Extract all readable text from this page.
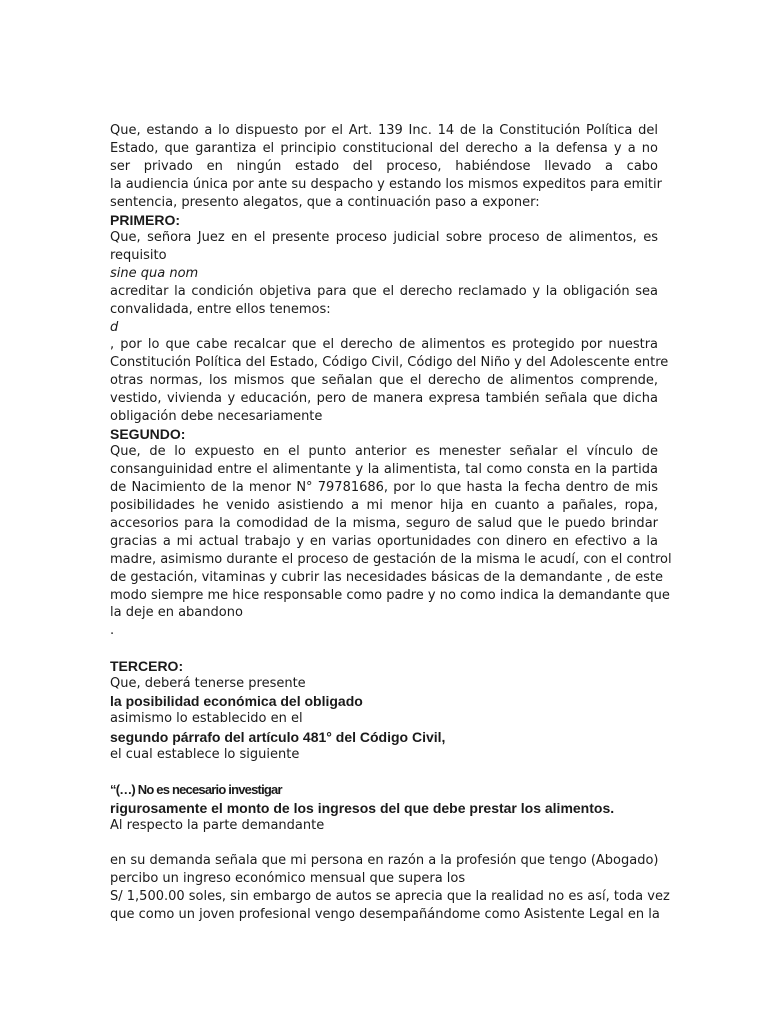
Que, estando a lo dispuesto por el Art. 139 Inc. 14 de la Constitución Política del
Estado, que garantiza el principio constitucional del derecho a la defensa y a no
ser privado en ningún estado del proceso, habiéndose llevado a cabo
la audiencia única por ante su despacho y estando los mismos expeditos para emitir
sentencia, presento alegatos, que a continuación paso a exponer:
PRIMERO:
Que, señora Juez en el presente proceso judicial sobre proceso de alimentos, es
requisito
sine qua nom
acreditar la condición objetiva para que el derecho reclamado y la obligación sea
convalidada, entre ellos tenemos:
d
, por lo que cabe recalcar que el derecho de alimentos es protegido por nuestra
Constitución Política del Estado, Código Civil, Código del Niño y del Adolescente entre
otras normas, los mismos que señalan que el derecho de alimentos comprende,
vestido, vivienda y educación, pero de manera expresa también señala que dicha
obligación debe necesariamente
SEGUNDO:
Que, de lo expuesto en el punto anterior es menester señalar el vínculo de
consanguinidad entre el alimentante y la alimentista, tal como consta en la partida
de Nacimiento de la menor N° 79781686, por lo que hasta la fecha dentro de mis
posibilidades he venido asistiendo a mi menor hija en cuanto a pañales, ropa,
accesorios para la comodidad de la misma, seguro de salud que le puedo brindar
gracias a mi actual trabajo y en varias oportunidades con dinero en efectivo a la
madre, asimismo durante el proceso de gestación de la misma le acudí, con el control
de gestación, vitaminas y cubrir las necesidades básicas de la demandante , de este
modo siempre me hice responsable como padre y no como indica la demandante que
la deje en abandono
.
TERCERO:
Que, deberá tenerse presente
la posibilidad económica del obligado
asimismo lo establecido en el
segundo párrafo del artículo 481° del Código Civil,
el cual establece lo siguiente
“(…) No es necesario investigar
rigurosamente el monto de los ingresos del que debe prestar los alimentos.
Al respecto la parte demandante
en su demanda señala que mi persona en razón a la profesión que tengo (Abogado)
percibo un ingreso económico mensual que supera los
S/ 1,500.00 soles, sin embargo de autos se aprecia que la realidad no es así, toda vez
que como un joven profesional vengo desempañándome como Asistente Legal en la
